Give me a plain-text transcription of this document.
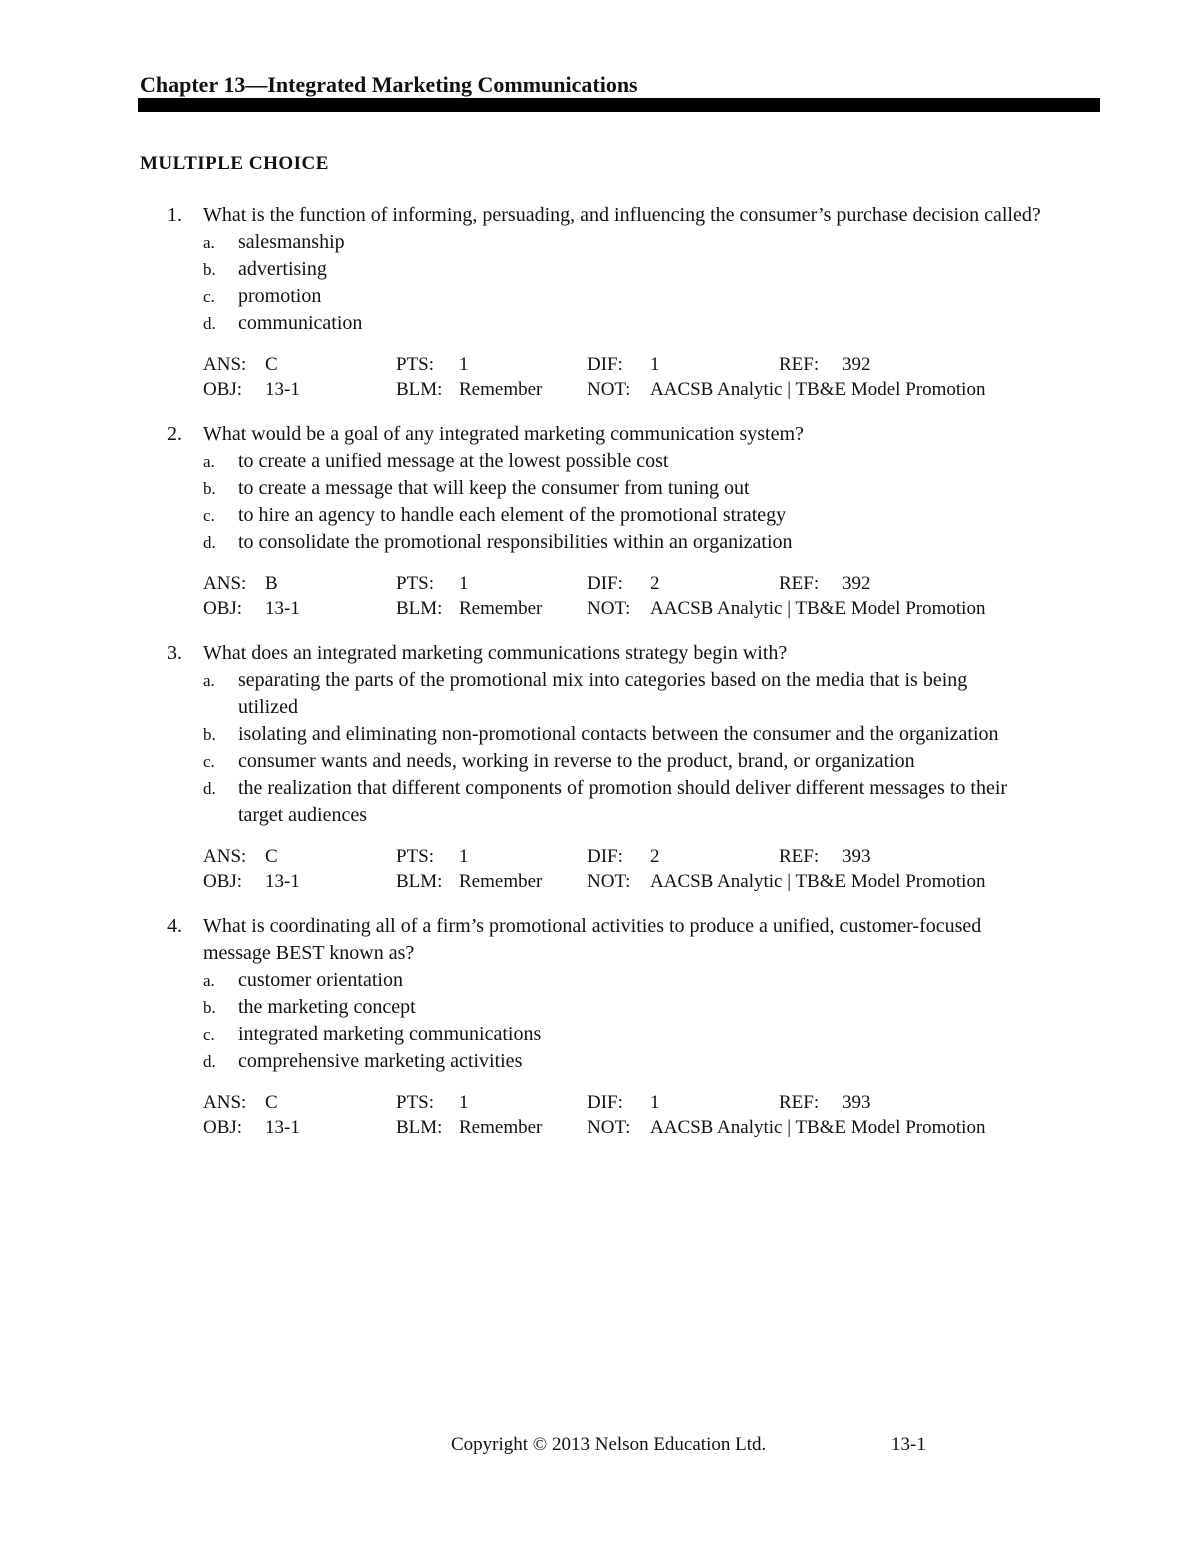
Chapter 13—Integrated Marketing Communications
MULTIPLE CHOICE
1. What is the function of informing, persuading, and influencing the consumer’s purchase decision called?
a. salesmanship
b. advertising
c. promotion
d. communication
ANS: C	PTS: 1	DIF: 1	REF: 392
OBJ: 13-1	BLM: Remember NOT: AACSB Analytic | TB&E Model Promotion
2. What would be a goal of any integrated marketing communication system?
a. to create a unified message at the lowest possible cost
b. to create a message that will keep the consumer from tuning out
c. to hire an agency to handle each element of the promotional strategy
d. to consolidate the promotional responsibilities within an organization
ANS: B	PTS: 1	DIF: 2	REF: 392
OBJ: 13-1	BLM: Remember NOT: AACSB Analytic | TB&E Model Promotion
3. What does an integrated marketing communications strategy begin with?
a. separating the parts of the promotional mix into categories based on the media that is being utilized
b. isolating and eliminating non-promotional contacts between the consumer and the organization
c. consumer wants and needs, working in reverse to the product, brand, or organization
d. the realization that different components of promotion should deliver different messages to their target audiences
ANS: C	PTS: 1	DIF: 2	REF: 393
OBJ: 13-1	BLM: Remember NOT: AACSB Analytic | TB&E Model Promotion
4. What is coordinating all of a firm’s promotional activities to produce a unified, customer-focused message BEST known as?
a. customer orientation
b. the marketing concept
c. integrated marketing communications
d. comprehensive marketing activities
ANS: C	PTS: 1	DIF: 1	REF: 393
OBJ: 13-1	BLM: Remember NOT: AACSB Analytic | TB&E Model Promotion
Copyright © 2013 Nelson Education Ltd.	13-1
